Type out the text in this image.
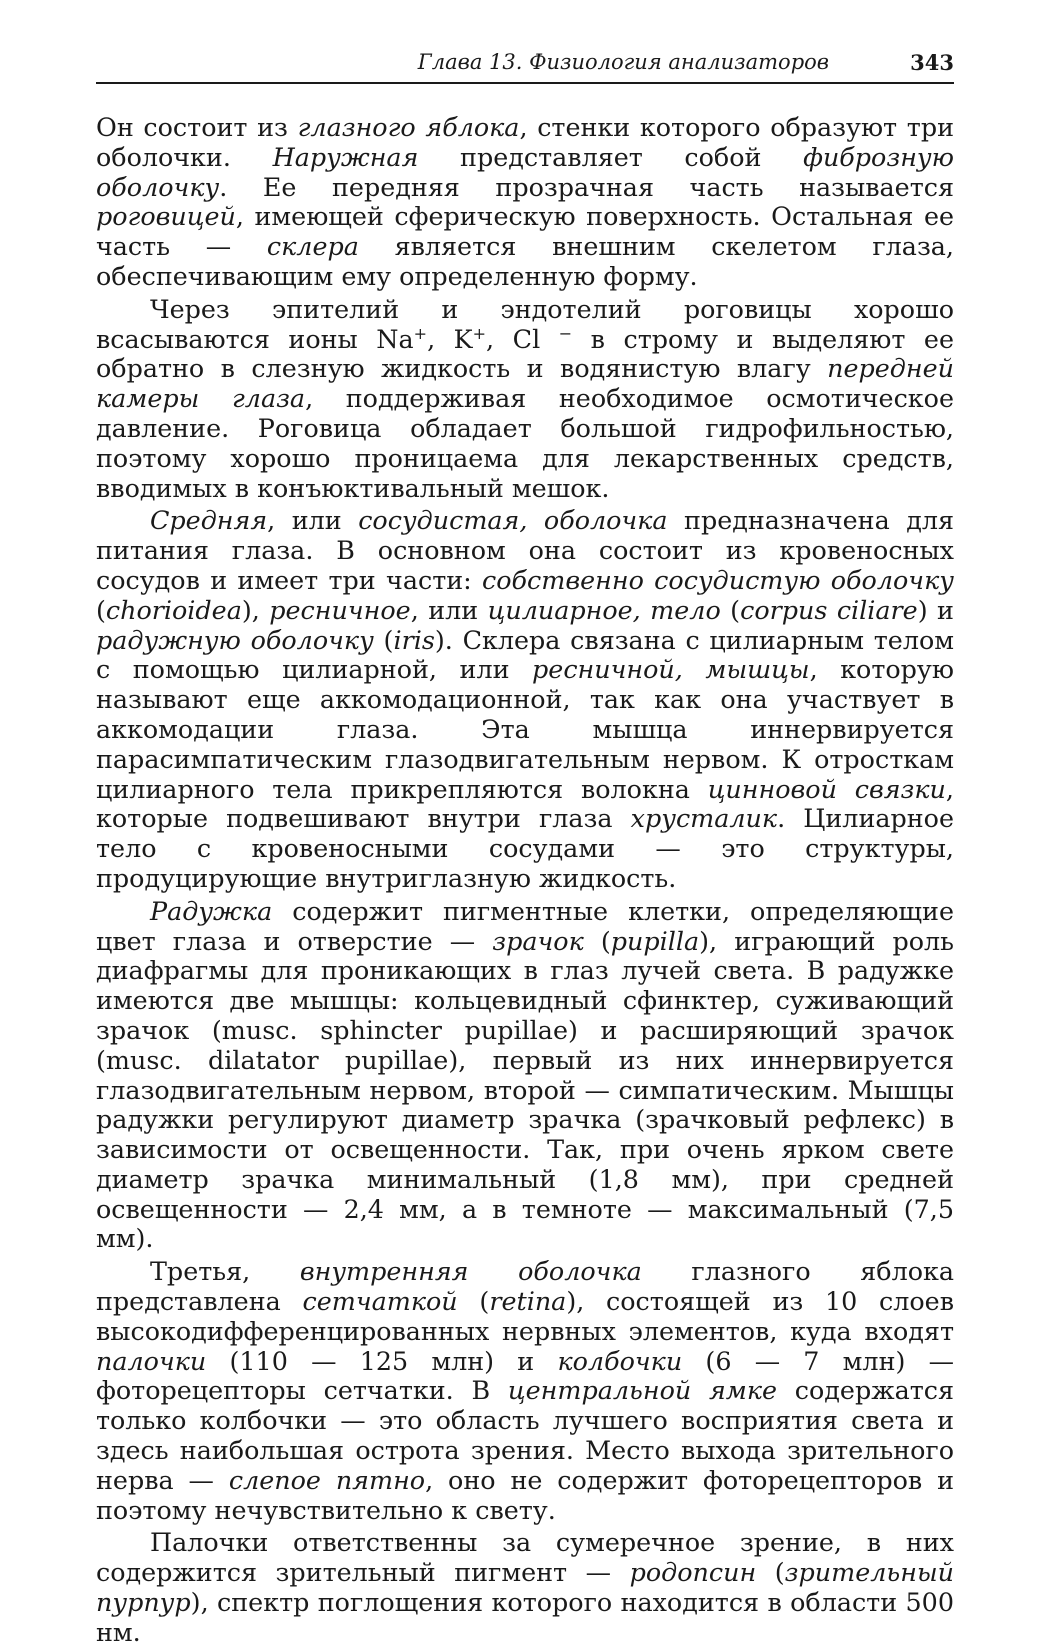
Глава 13. Физиология анализаторов	343

Он состоит из глазного яблока, стенки которого образуют три оболочки. Наружная представляет собой фиброзную оболочку. Ее передняя прозрачная часть называется роговицей, имеющей сферическую поверхность. Остальная ее часть — склера является внешним скелетом глаза, обеспечивающим ему определенную форму.

Через эпителий и эндотелий роговицы хорошо всасываются ионы Na+, K+, Cl − в строму и выделяют ее обратно в слезную жидкость и водянистую влагу передней камеры глаза, поддерживая необходимое осмотическое давление. Роговица обладает большой гидрофильностью, поэтому хорошо проницаема для лекарственных средств, вводимых в конъюктивальный мешок.

Средняя, или сосудистая, оболочка предназначена для питания глаза. В основном она состоит из кровеносных сосудов и имеет три части: собственно сосудистую оболочку (chorioidea), ресничное, или цилиарное, тело (corpus ciliare) и радужную оболочку (iris). Склера связана с цилиарным телом с помощью цилиарной, или ресничной, мышцы, которую называют еще аккомодационной, так как она участвует в аккомодации глаза. Эта мышца иннервируется парасимпатическим глазодвигательным нервом. К отросткам цилиарного тела прикрепляются волокна цинновой связки, которые подвешивают внутри глаза хрусталик. Цилиарное тело с кровеносными сосудами — это структуры, продуцирующие внутриглазную жидкость.

Радужка содержит пигментные клетки, определяющие цвет глаза и отверстие — зрачок (pupilla), играющий роль диафрагмы для проникающих в глаз лучей света. В радужке имеются две мышцы: кольцевидный сфинктер, суживающий зрачок (musc. sphincter pupillae) и расширяющий зрачок (musc. dilatator pupillae), первый из них иннервируется глазодвигательным нервом, второй — симпатическим. Мышцы радужки регулируют диаметр зрачка (зрачковый рефлекс) в зависимости от освещенности. Так, при очень ярком свете диаметр зрачка минимальный (1,8 мм), при средней освещенности — 2,4 мм, а в темноте — максимальный (7,5 мм).

Третья, внутренняя оболочка глазного яблока представлена сетчаткой (retina), состоящей из 10 слоев высокодифференцированных нервных элементов, куда входят палочки (110 — 125 млн) и колбочки (6 — 7 млн) — фоторецепторы сетчатки. В центральной ямке содержатся только колбочки — это область лучшего восприятия света и здесь наибольшая острота зрения. Место выхода зрительного нерва — слепое пятно, оно не содержит фоторецепторов и поэтому нечувствительно к свету.

Палочки ответственны за сумеречное зрение, в них содержится зрительный пигмент — родопсин (зрительный пурпур), спектр поглощения которого находится в области 500 нм.
